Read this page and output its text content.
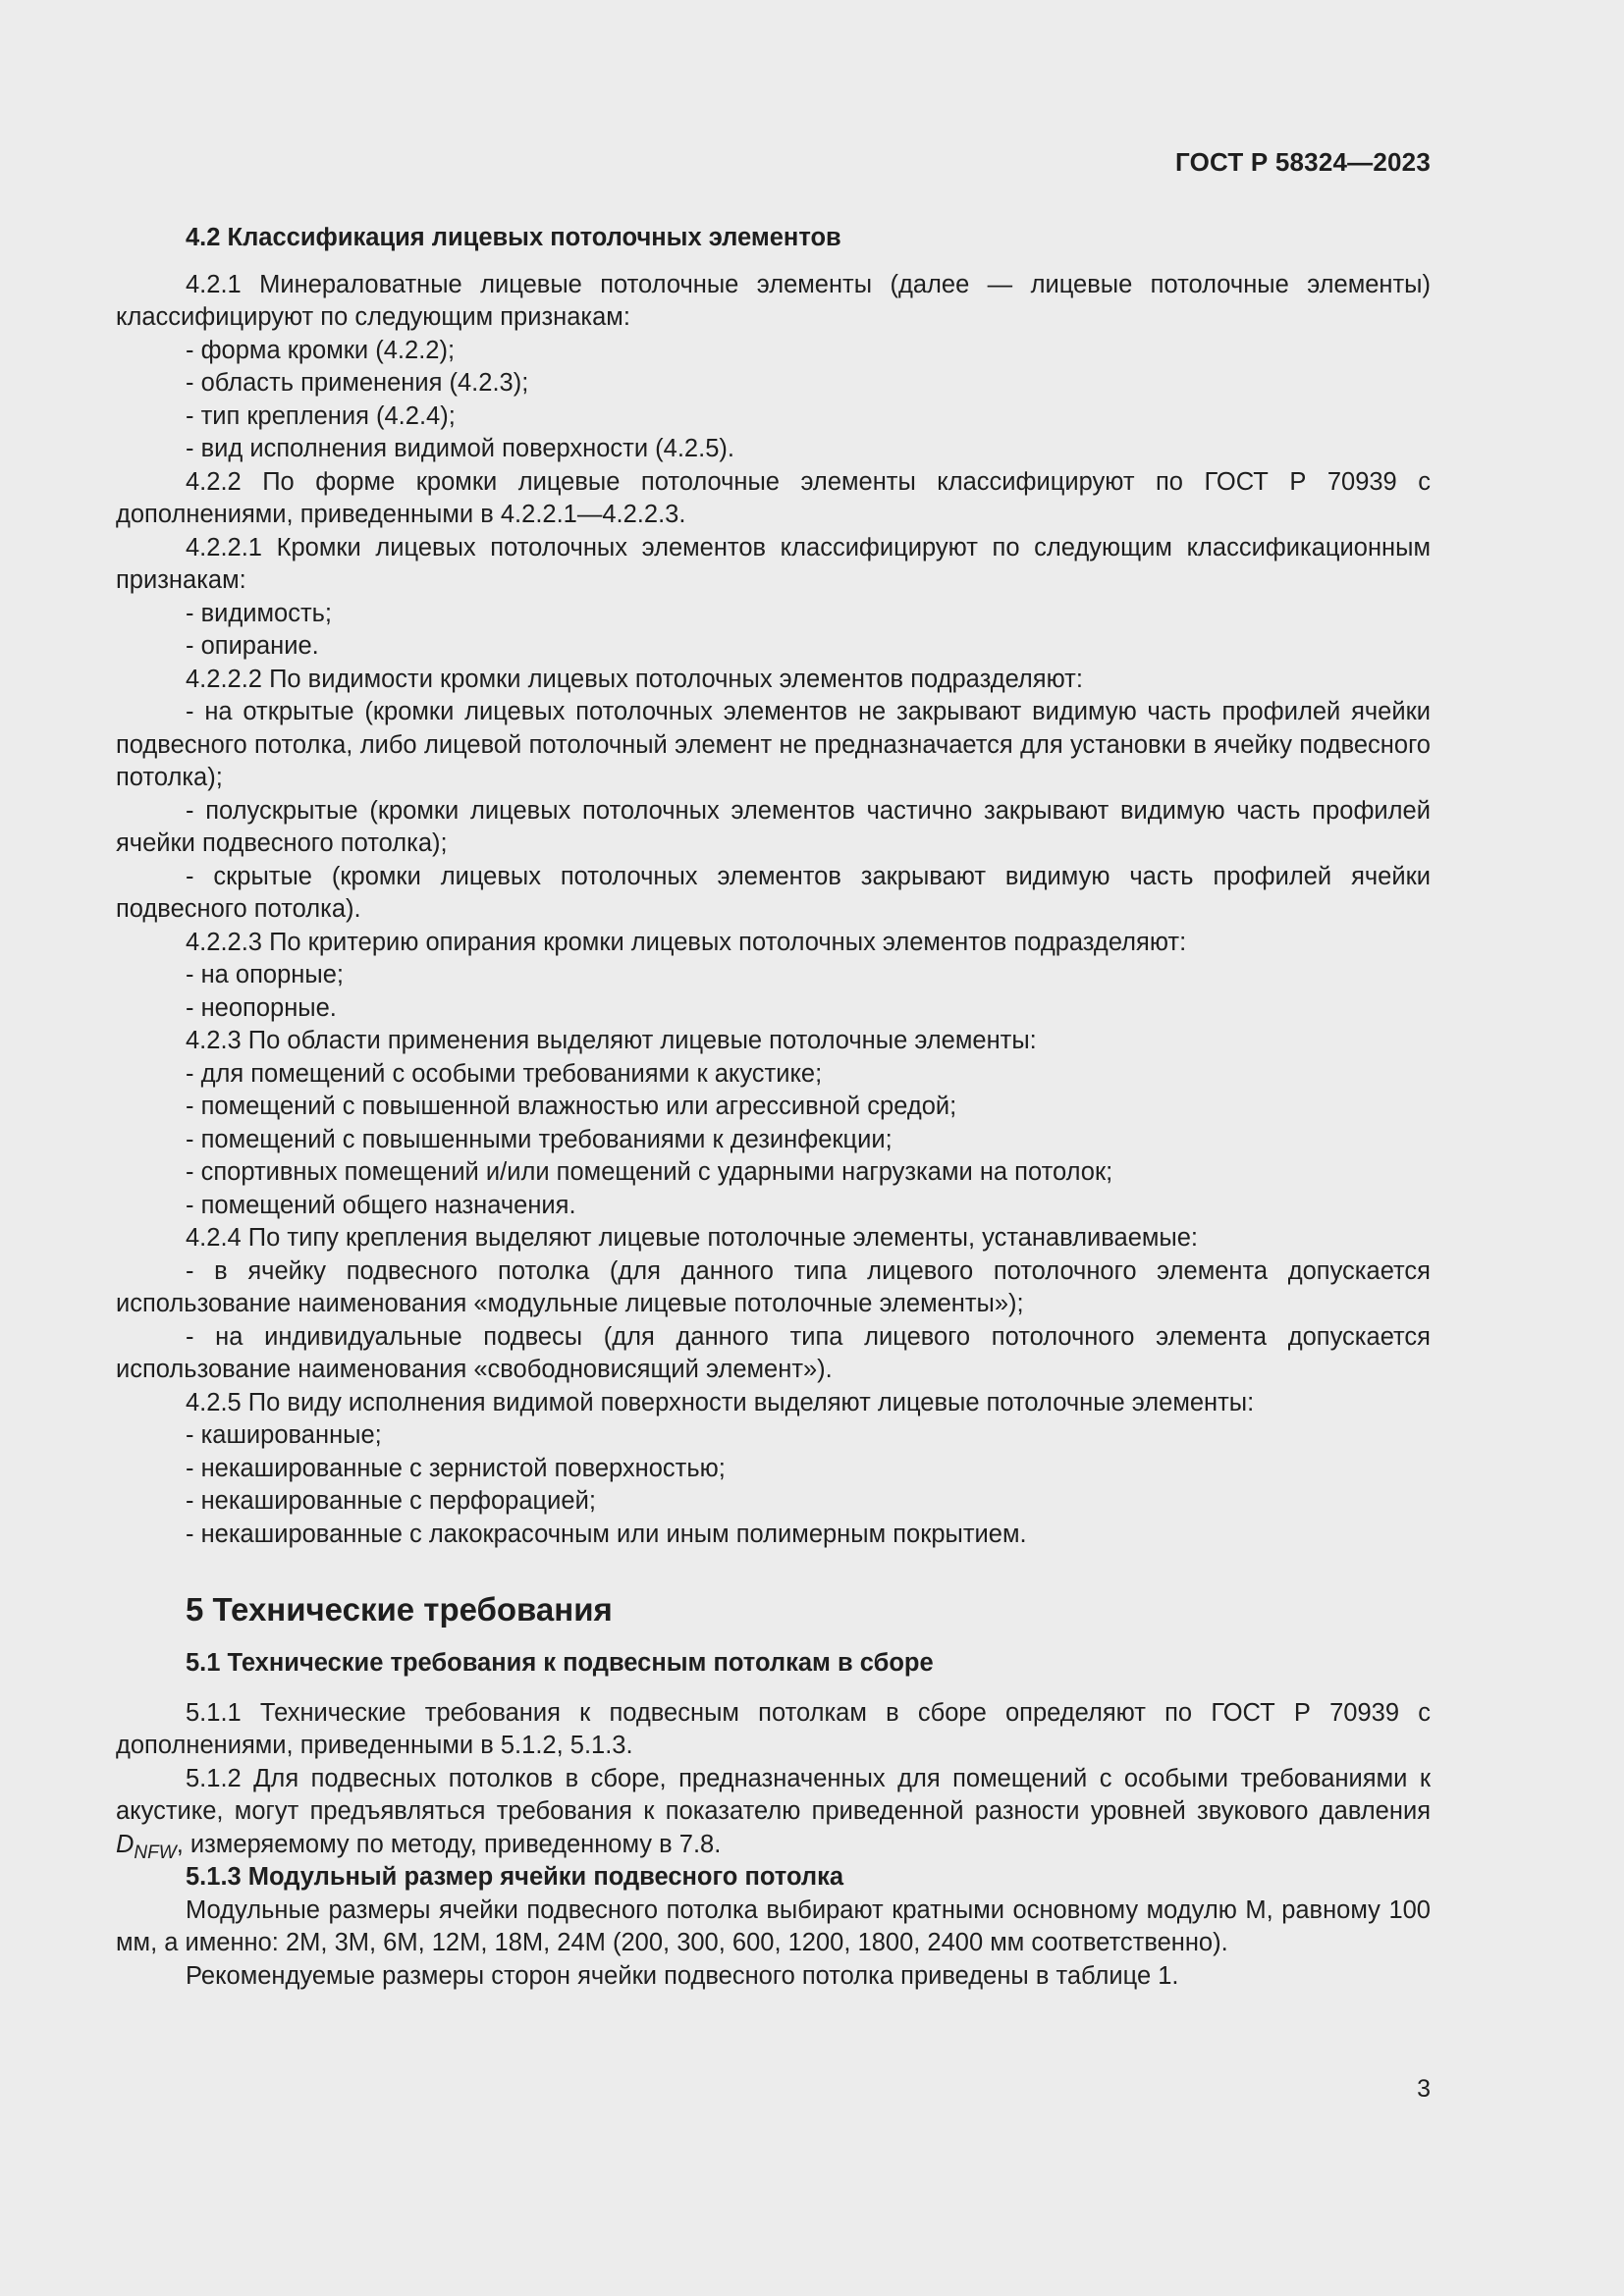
ГОСТ Р 58324—2023

4.2 Классификация лицевых потолочных элементов

4.2.1 Минераловатные лицевые потолочные элементы (далее — лицевые потолочные элементы) классифицируют по следующим признакам:

- форма кромки (4.2.2);

- область применения (4.2.3);

- тип крепления (4.2.4);

- вид исполнения видимой поверхности (4.2.5).

4.2.2 По форме кромки лицевые потолочные элементы классифицируют по ГОСТ Р 70939 с дополнениями, приведенными в 4.2.2.1—4.2.2.3.

4.2.2.1 Кромки лицевых потолочных элементов классифицируют по следующим классификационным признакам:

- видимость;

- опирание.

4.2.2.2 По видимости кромки лицевых потолочных элементов подразделяют:

- на открытые (кромки лицевых потолочных элементов не закрывают видимую часть профилей ячейки подвесного потолка, либо лицевой потолочный элемент не предназначается для установки в ячейку подвесного потолка);

- полускрытые (кромки лицевых потолочных элементов частично закрывают видимую часть профилей ячейки подвесного потолка);

- скрытые (кромки лицевых потолочных элементов закрывают видимую часть профилей ячейки подвесного потолка).

4.2.2.3 По критерию опирания кромки лицевых потолочных элементов подразделяют:

- на опорные;

- неопорные.

4.2.3 По области применения выделяют лицевые потолочные элементы:

- для помещений с особыми требованиями к акустике;

- помещений с повышенной влажностью или агрессивной средой;

- помещений с повышенными требованиями к дезинфекции;

- спортивных помещений и/или помещений с ударными нагрузками на потолок;

- помещений общего назначения.

4.2.4 По типу крепления выделяют лицевые потолочные элементы, устанавливаемые:

- в ячейку подвесного потолка (для данного типа лицевого потолочного элемента допускается использование наименования «модульные лицевые потолочные элементы»);

- на индивидуальные подвесы (для данного типа лицевого потолочного элемента допускается использование наименования «свободновисящий элемент»).

4.2.5 По виду исполнения видимой поверхности выделяют лицевые потолочные элементы:

- кашированные;

- некашированные с зернистой поверхностью;

- некашированные с перфорацией;

- некашированные с лакокрасочным или иным полимерным покрытием.

5 Технические требования

5.1 Технические требования к подвесным потолкам в сборе

5.1.1 Технические требования к подвесным потолкам в сборе определяют по ГОСТ Р 70939 с дополнениями, приведенными в 5.1.2, 5.1.3.

5.1.2 Для подвесных потолков в сборе, предназначенных для помещений с особыми требованиями к акустике, могут предъявляться требования к показателю приведенной разности уровней звукового давления $D_{NFW}$, измеряемому по методу, приведенному в 7.8.

5.1.3 Модульный размер ячейки подвесного потолка

Модульные размеры ячейки подвесного потолка выбирают кратными основному модулю М, равному 100 мм, а именно: 2М, 3М, 6М, 12М, 18М, 24М (200, 300, 600, 1200, 1800, 2400 мм соответственно).

Рекомендуемые размеры сторон ячейки подвесного потолка приведены в таблице 1.

3
